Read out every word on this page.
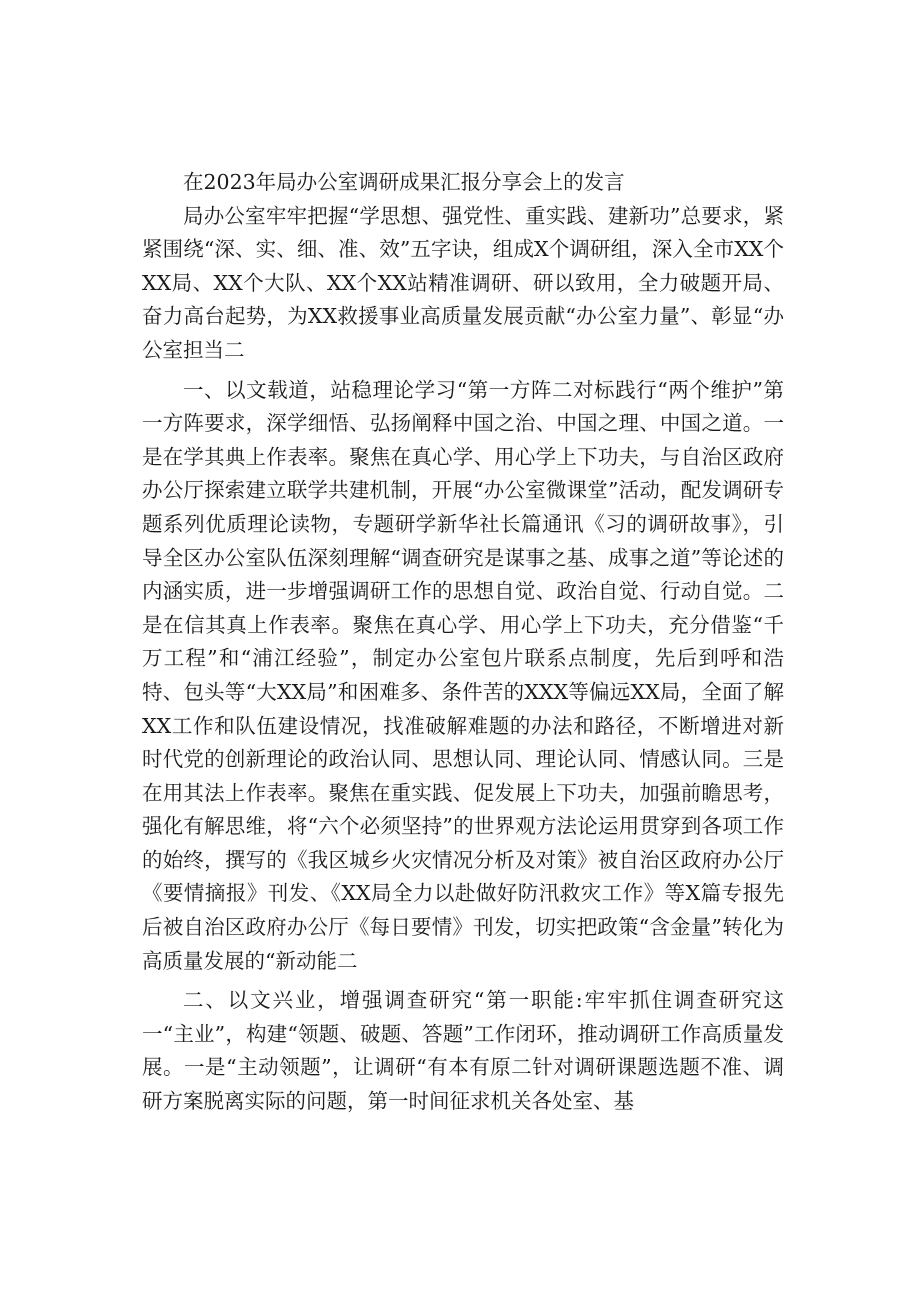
在2023年局办公室调研成果汇报分享会上的发言

局办公室牢牢把握“学思想、强党性、重实践、建新功”总要求，紧紧围绕“深、实、细、准、效”五字诀，组成X个调研组，深入全市XX个XX局、XX个大队、XX个XX站精准调研、研以致用，全力破题开局、奋力高台起势，为XX救援事业高质量发展贡献“办公室力量”、彰显“办公室担当二

一、以文载道，站稳理论学习“第一方阵二对标践行“两个维护”第一方阵要求，深学细悟、弘扬阐释中国之治、中国之理、中国之道。一是在学其典上作表率。聚焦在真心学、用心学上下功夫，与自治区政府办公厅探索建立联学共建机制，开展“办公室微课堂”活动，配发调研专题系列优质理论读物，专题研学新华社长篇通讯《习的调研故事》，引导全区办公室队伍深刻理解“调查研究是谋事之基、成事之道”等论述的内涵实质，进一步增强调研工作的思想自觉、政治自觉、行动自觉。二是在信其真上作表率。聚焦在真心学、用心学上下功夫，充分借鉴“千万工程”和“浦江经验”，制定办公室包片联系点制度，先后到呼和浩特、包头等“大XX局”和困难多、条件苦的XXX等偏远XX局，全面了解XX工作和队伍建设情况，找准破解难题的办法和路径，不断增进对新时代党的创新理论的政治认同、思想认同、理论认同、情感认同。三是在用其法上作表率。聚焦在重实践、促发展上下功夫，加强前瞻思考，强化有解思维，将“六个必须坚持”的世界观方法论运用贯穿到各项工作的始终，撰写的《我区城乡火灾情况分析及对策》被自治区政府办公厅《要情摘报》刊发、《XX局全力以赴做好防汛救灾工作》等X篇专报先后被自治区政府办公厅《每日要情》刊发，切实把政策“含金量”转化为高质量发展的“新动能二

二、以文兴业，增强调查研究“第一职能:牢牢抓住调查研究这一“主业”，构建“领题、破题、答题”工作闭环，推动调研工作高质量发展。一是“主动领题”，让调研“有本有原二针对调研课题选题不准、调研方案脱离实际的问题，第一时间征求机关各处室、基
